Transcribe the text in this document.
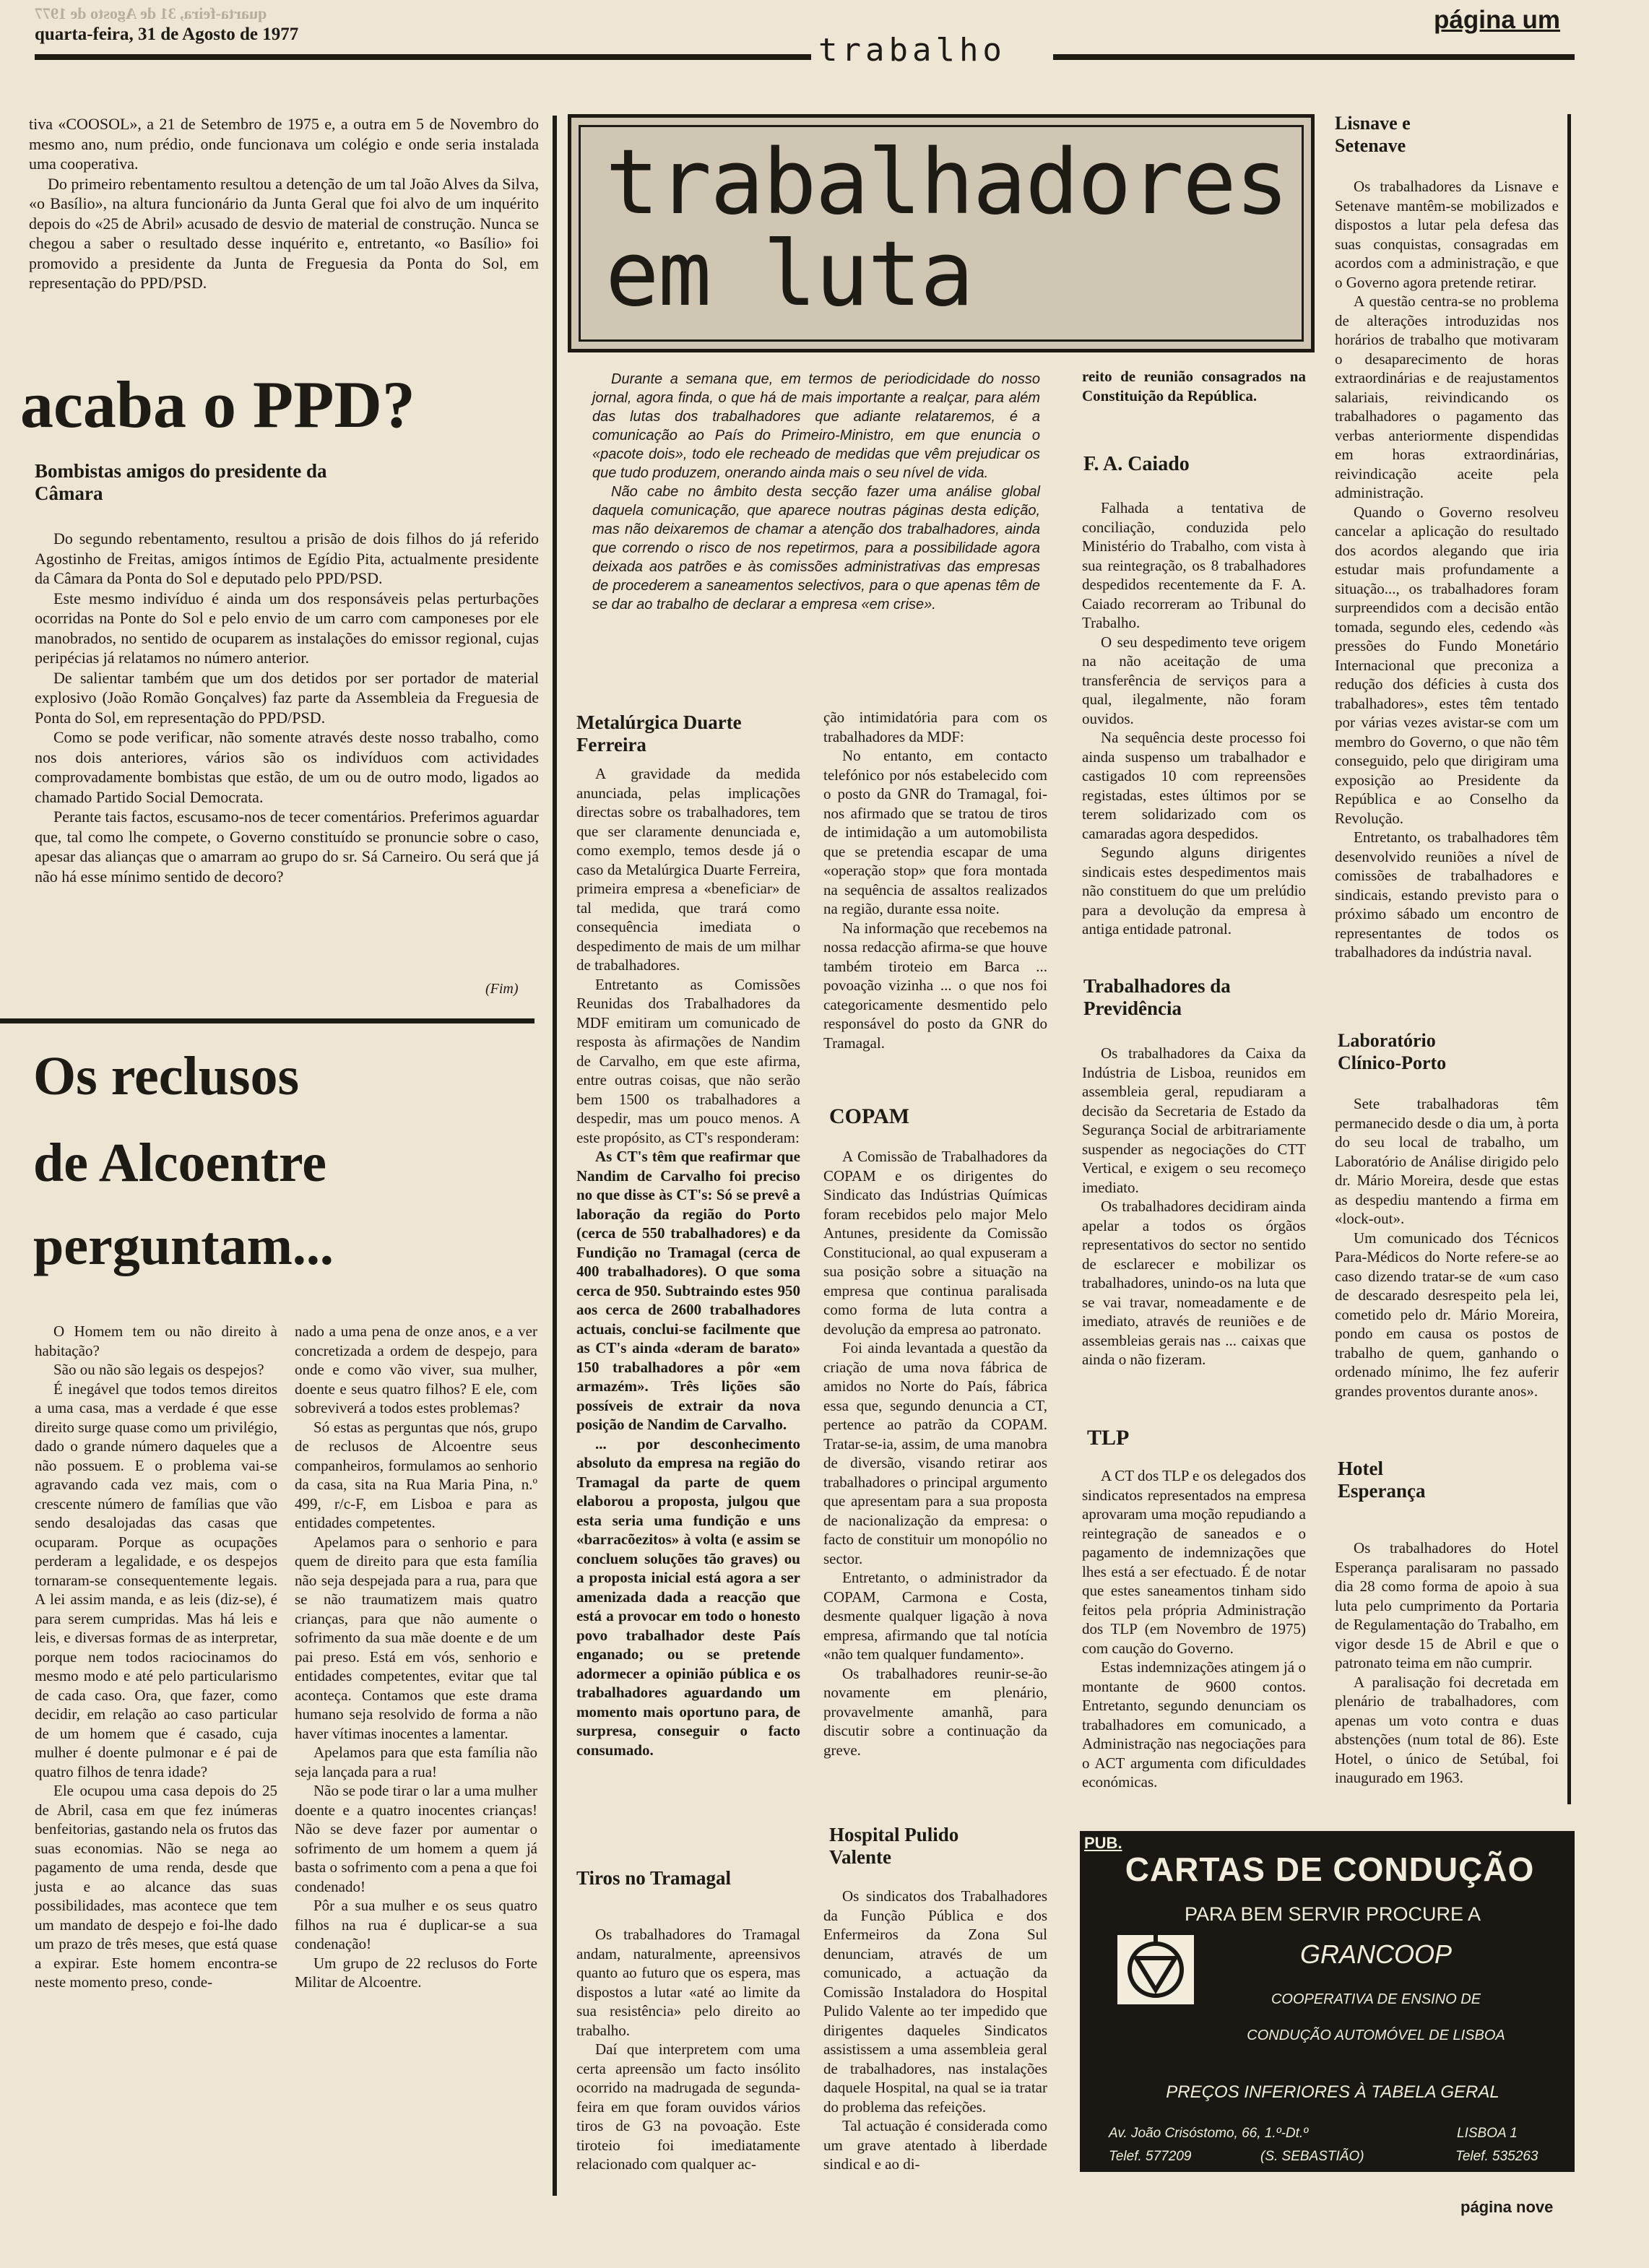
quarta-feira, 31 de Agosto de 1977
quarta-feira, 31 de Agosto de 1977	trabalho
página um

tiva «COOSOL», a 21 de Setembro de 1975 e, a outra em 5 de Novembro do mesmo ano, num prédio, onde funcionava um colégio e onde seria instalada uma cooperativa.

Do primeiro rebentamento resultou a detenção de um tal João Alves da Silva, «o Basílio», na altura funcionário da Junta Geral que foi alvo de um inquérito depois do «25 de Abril» acusado de desvio de material de construção. Nunca se chegou a saber o resultado desse inquérito e, entretanto, «o Basílio» foi promovido a presidente da Junta de Freguesia da Ponta do Sol, em representação do PPD/PSD.

acaba o PPD?
Bombistas amigos do presidente da Câmara

Do segundo rebentamento, resultou a prisão de dois filhos do já referido Agostinho de Freitas, amigos íntimos de Egídio Pita, actualmente presidente da Câmara da Ponta do Sol e deputado pelo PPD/PSD.

Este mesmo indivíduo é ainda um dos responsáveis pelas perturbações ocorridas na Ponte do Sol e pelo envio de um carro com camponeses por ele manobrados, no sentido de ocuparem as instalações do emissor regional, cujas peripécias já relatamos no número anterior.

De salientar também que um dos detidos por ser portador de material explosivo (João Romão Gonçalves) faz parte da Assembleia da Freguesia de Ponta do Sol, em representação do PPD/PSD.

Como se pode verificar, não somente através deste nosso trabalho, como nos dois anteriores, vários são os indivíduos com actividades comprovadamente bombistas que estão, de um ou de outro modo, ligados ao chamado Partido Social Democrata.

Perante tais factos, escusamo-nos de tecer comentários. Preferimos aguardar que, tal como lhe compete, o Governo constituído se pronuncie sobre o caso, apesar das alianças que o amarram ao grupo do sr. Sá Carneiro. Ou será que já não há esse mínimo sentido de decoro?

(Fim)
Os reclusos
de Alcoentre
perguntam...

O Homem tem ou não direito à habitação?

São ou não são legais os despejos?

É inegável que todos temos direitos a uma casa, mas a verdade é que esse direito surge quase como um privilégio, dado o grande número daqueles que a não possuem. E o problema vai-se agravando cada vez mais, com o crescente número de famílias que vão sendo desalojadas das casas que ocuparam. Porque as ocupações perderam a legalidade, e os despejos tornaram-se consequentemente legais. A lei assim manda, e as leis (diz-se), é para serem cumpridas. Mas há leis e leis, e diversas formas de as interpretar, porque nem todos raciocinamos do mesmo modo e até pelo particularismo de cada caso. Ora, que fazer, como decidir, em relação ao caso particular de um homem que é casado, cuja mulher é doente pulmonar e é pai de quatro filhos de tenra idade?

Ele ocupou uma casa depois do 25 de Abril, casa em que fez inúmeras benfeitorias, gastando nela os frutos das suas economias. Não se nega ao pagamento de uma renda, desde que justa e ao alcance das suas possibilidades, mas acontece que tem um mandato de despejo e foi-lhe dado um prazo de três meses, que está quase a expirar. Este homem encontra-se neste momento preso, conde-

nado a uma pena de onze anos, e a ver concretizada a ordem de despejo, para onde e como vão viver, sua mulher, doente e seus quatro filhos? E ele, com sobreviverá a todos estes problemas?

Só estas as perguntas que nós, grupo de reclusos de Alcoentre seus companheiros, formulamos ao senhorio da casa, sita na Rua Maria Pina, n.º 499, r/c-F, em Lisboa e para as entidades competentes.

Apelamos para o senhorio e para quem de direito para que esta família não seja despejada para a rua, para que se não traumatizem mais quatro crianças, para que não aumente o sofrimento da sua mãe doente e de um pai preso. Está em vós, senhorio e entidades competentes, evitar que tal aconteça. Contamos que este drama humano seja resolvido de forma a não haver vítimas inocentes a lamentar.

Apelamos para que esta família não seja lançada para a rua!

Não se pode tirar o lar a uma mulher doente e a quatro inocentes crianças! Não se deve fazer por aumentar o sofrimento de um homem a quem já basta o sofrimento com a pena a que foi condenado!

Pôr a sua mulher e os seus quatro filhos na rua é duplicar-se a sua condenação!

Um grupo de 22 reclusos do Forte Militar de Alcoentre.

trabalhadores
em luta

Durante a semana que, em termos de periodicidade do nosso jornal, agora finda, o que há de mais importante a realçar, para além das lutas dos trabalhadores que adiante relataremos, é a comunicação ao País do Primeiro-Ministro, em que enuncia o «pacote dois», todo ele recheado de medidas que vêm prejudicar os que tudo produzem, onerando ainda mais o seu nível de vida.

Não cabe no âmbito desta secção fazer uma análise global daquela comunicação, que aparece noutras páginas desta edição, mas não deixaremos de chamar a atenção dos trabalhadores, ainda que correndo o risco de nos repetirmos, para a possibilidade agora deixada aos patrões e às comissões administrativas das empresas de procederem a saneamentos selectivos, para o que apenas têm de se dar ao trabalho de declarar a empresa «em crise».

Metalúrgica Duarte Ferreira

A gravidade da medida anunciada, pelas implicações directas sobre os trabalhadores, tem que ser claramente denunciada e, como exemplo, temos desde já o caso da Metalúrgica Duarte Ferreira, primeira empresa a «beneficiar» de tal medida, que trará como consequência imediata o despedimento de mais de um milhar de trabalhadores.

Entretanto as Comissões Reunidas dos Trabalhadores da MDF emitiram um comunicado de resposta às afirmações de Nandim de Carvalho, em que este afirma, entre outras coisas, que não serão bem 1500 os trabalhadores a despedir, mas um pouco menos. A este propósito, as CT's responderam:

As CT's têm que reafirmar que Nandim de Carvalho foi preciso no que disse às CT's: Só se prevê a laboração da região do Porto (cerca de 550 trabalhadores) e da Fundição no Tramagal (cerca de 400 trabalhadores). O que soma cerca de 950. Subtraindo estes 950 aos cerca de 2600 trabalhadores actuais, conclui-se facilmente que as CT's ainda «deram de barato» 150 trabalhadores a pôr «em armazém». Três lições são possíveis de extrair da nova posição de Nandim de Carvalho.

... por desconhecimento absoluto da empresa na região do Tramagal da parte de quem elaborou a proposta, julgou que esta seria uma fundição e uns «barracõezitos» à volta (e assim se concluem soluções tão graves) ou a proposta inicial está agora a ser amenizada dada a reacção que está a provocar em todo o honesto povo trabalhador deste País enganado; ou se pretende adormecer a opinião pública e os trabalhadores aguardando um momento mais oportuno para, de surpresa, conseguir o facto consumado.

Tiros no Tramagal

Os trabalhadores do Tramagal andam, naturalmente, apreensivos quanto ao futuro que os espera, mas dispostos a lutar «até ao limite da sua resistência» pelo direito ao trabalho.

Daí que interpretem com uma certa apreensão um facto insólito ocorrido na madrugada de segunda-feira em que foram ouvidos vários tiros de G3 na povoação. Este tiroteio foi imediatamente relacionado com qualquer ac-

ção intimidatória para com os trabalhadores da MDF:

No entanto, em contacto telefónico por nós estabelecido com o posto da GNR do Tramagal, foi-nos afirmado que se tratou de tiros de intimidação a um automobilista que se pretendia escapar de uma «operação stop» que fora montada na sequência de assaltos realizados na região, durante essa noite.

Na informação que recebemos na nossa redacção afirma-se que houve também tiroteio em Barca ... povoação vizinha ... o que nos foi categoricamente desmentido pelo responsável do posto da GNR do Tramagal.

COPAM

A Comissão de Trabalhadores da COPAM e os dirigentes do Sindicato das Indústrias Químicas foram recebidos pelo major Melo Antunes, presidente da Comissão Constitucional, ao qual expuseram a sua posição sobre a situação na empresa que continua paralisada como forma de luta contra a devolução da empresa ao patronato.

Foi ainda levantada a questão da criação de uma nova fábrica de amidos no Norte do País, fábrica essa que, segundo denuncia a CT, pertence ao patrão da COPAM. Tratar-se-ia, assim, de uma manobra de diversão, visando retirar aos trabalhadores o principal argumento que apresentam para a sua proposta de nacionalização da empresa: o facto de constituir um monopólio no sector.

Entretanto, o administrador da COPAM, Carmona e Costa, desmente qualquer ligação à nova empresa, afirmando que tal notícia «não tem qualquer fundamento».

Os trabalhadores reunir-se-ão novamente em plenário, provavelmente amanhã, para discutir sobre a continuação da greve.

Hospital Pulido Valente

Os sindicatos dos Trabalhadores da Função Pública e dos Enfermeiros da Zona Sul denunciam, através de um comunicado, a actuação da Comissão Instaladora do Hospital Pulido Valente ao ter impedido que dirigentes daqueles Sindicatos assistissem a uma assembleia geral de trabalhadores, nas instalações daquele Hospital, na qual se ia tratar do problema das refeições.

Tal actuação é considerada como um grave atentado à liberdade sindical e ao di-

reito de reunião consagrados na Constituição da República.

F. A. Caiado

Falhada a tentativa de conciliação, conduzida pelo Ministério do Trabalho, com vista à sua reintegração, os 8 trabalhadores despedidos recentemente da F. A. Caiado recorreram ao Tribunal do Trabalho.

O seu despedimento teve origem na não aceitação de uma transferência de serviços para a qual, ilegalmente, não foram ouvidos.

Na sequência deste processo foi ainda suspenso um trabalhador e castigados 10 com repreensões registadas, estes últimos por se terem solidarizado com os camaradas agora despedidos.

Segundo alguns dirigentes sindicais estes despedimentos mais não constituem do que um prelúdio para a devolução da empresa à antiga entidade patronal.

Trabalhadores da Previdência

Os trabalhadores da Caixa da Indústria de Lisboa, reunidos em assembleia geral, repudiaram a decisão da Secretaria de Estado da Segurança Social de arbitrariamente suspender as negociações do CTT Vertical, e exigem o seu recomeço imediato.

Os trabalhadores decidiram ainda apelar a todos os órgãos representativos do sector no sentido de esclarecer e mobilizar os trabalhadores, unindo-os na luta que se vai travar, nomeadamente e de imediato, através de reuniões e de assembleias gerais nas ... caixas que ainda o não fizeram.

TLP

A CT dos TLP e os delegados dos sindicatos representados na empresa aprovaram uma moção repudiando a reintegração de saneados e o pagamento de indemnizações que lhes está a ser efectuado. É de notar que estes saneamentos tinham sido feitos pela própria Administração dos TLP (em Novembro de 1975) com caução do Governo.

Estas indemnizações atingem já o montante de 9600 contos. Entretanto, segundo denunciam os trabalhadores em comunicado, a Administração nas negociações para o ACT argumenta com dificuldades económicas.

Lisnave e Setenave

Os trabalhadores da Lisnave e Setenave mantêm-se mobilizados e dispostos a lutar pela defesa das suas conquistas, consagradas em acordos com a administração, e que o Governo agora pretende retirar.

A questão centra-se no problema de alterações introduzidas nos horários de trabalho que motivaram o desaparecimento de horas extraordinárias e de reajustamentos salariais, reivindicando os trabalhadores o pagamento das verbas anteriormente dispendidas em horas extraordinárias, reivindicação aceite pela administração.

Quando o Governo resolveu cancelar a aplicação do resultado dos acordos alegando que iria estudar mais profundamente a situação..., os trabalhadores foram surpreendidos com a decisão então tomada, segundo eles, cedendo «às pressões do Fundo Monetário Internacional que preconiza a redução dos déficies à custa dos trabalhadores», estes têm tentado por várias vezes avistar-se com um membro do Governo, o que não têm conseguido, pelo que dirigiram uma exposição ao Presidente da República e ao Conselho da Revolução.

Entretanto, os trabalhadores têm desenvolvido reuniões a nível de comissões de trabalhadores e sindicais, estando previsto para o próximo sábado um encontro de representantes de todos os trabalhadores da indústria naval.

Laboratório Clínico-Porto

Sete trabalhadoras têm permanecido desde o dia um, à porta do seu local de trabalho, um Laboratório de Análise dirigido pelo dr. Mário Moreira, desde que estas as despediu mantendo a firma em «lock-out».

Um comunicado dos Técnicos Para-Médicos do Norte refere-se ao caso dizendo tratar-se de «um caso de descarado desrespeito pela lei, cometido pelo dr. Mário Moreira, pondo em causa os postos de trabalho de quem, ganhando o ordenado mínimo, lhe fez auferir grandes proventos durante anos».

Hotel Esperança

Os trabalhadores do Hotel Esperança paralisaram no passado dia 28 como forma de apoio à sua luta pelo cumprimento da Portaria de Regulamentação do Trabalho, em vigor desde 15 de Abril e que o patronato teima em não cumprir.

A paralisação foi decretada em plenário de trabalhadores, com apenas um voto contra e duas abstenções (num total de 86). Este Hotel, o único de Setúbal, foi inaugurado em 1963.

PUB.
CARTAS DE CONDUÇÃO
PARA BEM SERVIR PROCURE A
GRANCOOP
COOPERATIVA DE ENSINO DE
CONDUÇÃO AUTOMÓVEL DE LISBOA
PREÇOS INFERIORES À TABELA GERAL
Av. João Crisóstomo, 66, 1.º-Dt.º	LISBOA 1
Telef. 577209	(S. SEBASTIÃO)	Telef. 535263
página nove
